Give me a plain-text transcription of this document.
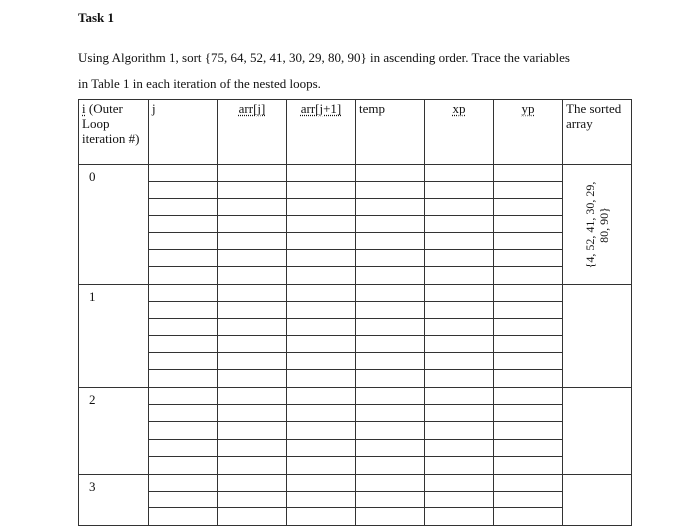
Task 1
Using Algorithm 1, sort {75, 64, 52, 41, 30, 29, 80, 90} in ascending order. Trace the variables
in Table 1 in each iteration of the nested loops.
i (Outer Loop iteration #)	j	arr[j]	arr[j+1]	temp	xp	yp	The sorted array
0							{4, 52, 41, 30, 29, 80, 90}

1	

2	

3	
